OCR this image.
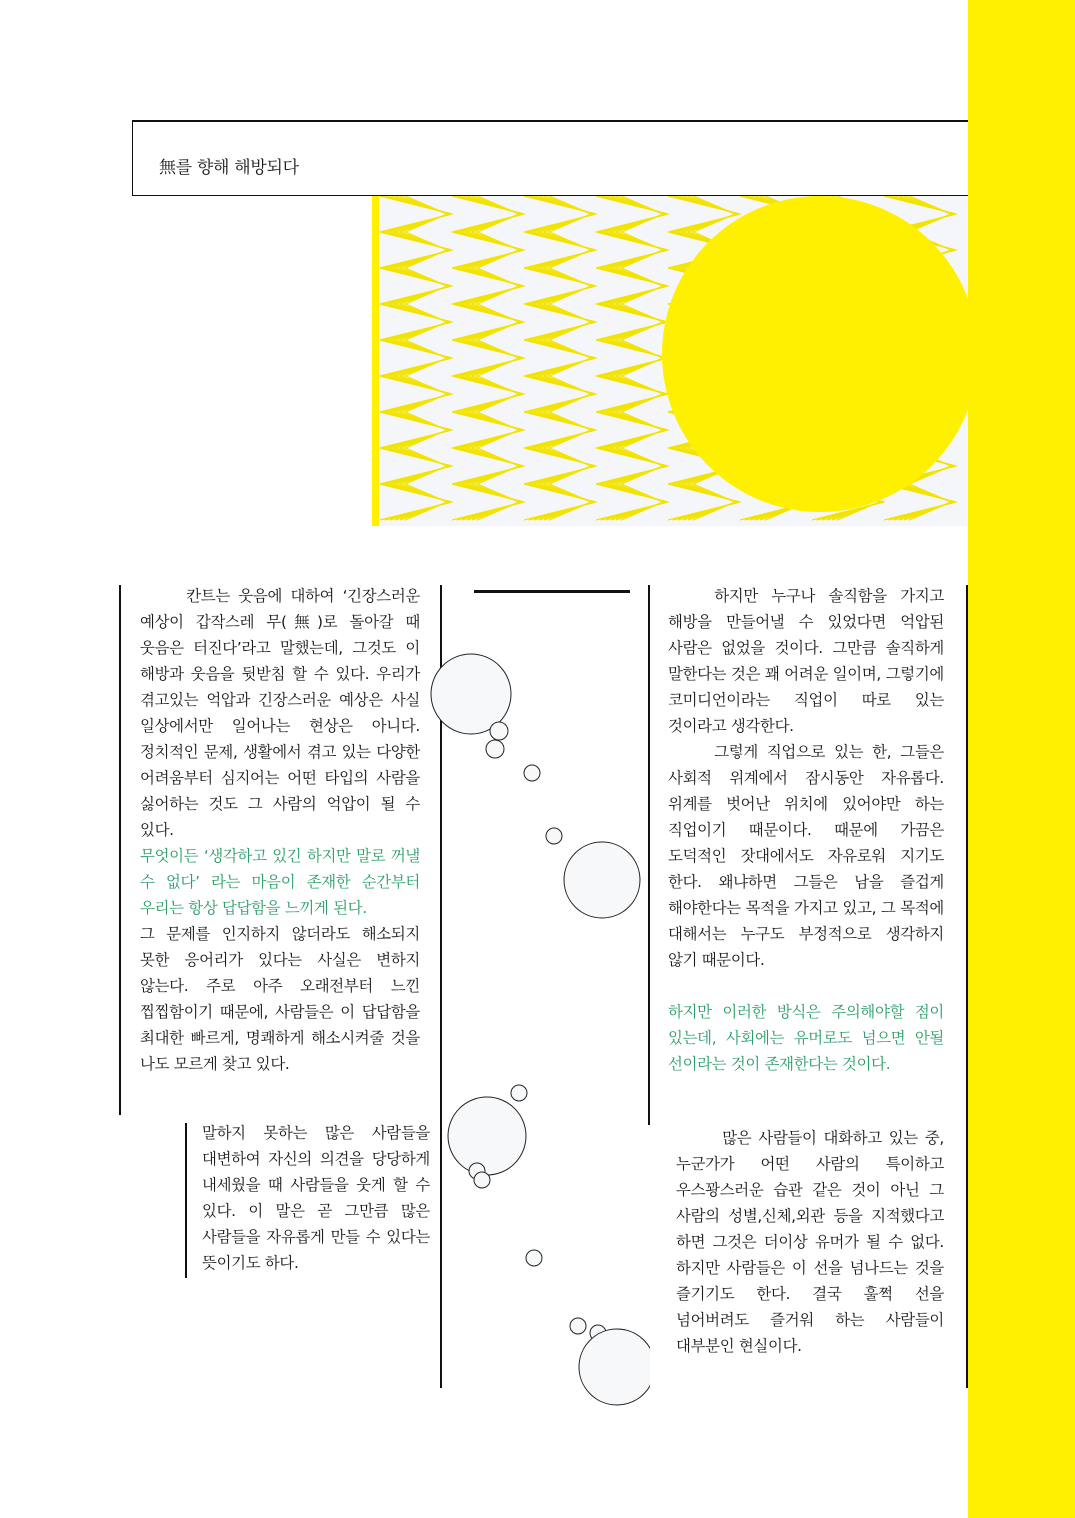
無를 향해 해방되다

칸트는 웃음에 대하여 ‘긴장스러운 예상이 갑작스레 무(無)로 돌아갈 때 웃음은 터진다’라고 말했는데, 그것도 이 해방과 웃음을 뒷받침 할 수 있다. 우리가 겪고있는 억압과 긴장스러운 예상은 사실 일상에서만 일어나는 현상은 아니다. 정치적인 문제, 생활에서 겪고 있는 다양한 어려움부터 심지어는 어떤 타입의 사람을 싫어하는 것도 그 사람의 억압이 될 수 있다.

무엇이든 ‘생각하고 있긴 하지만 말로 꺼낼 수 없다’ 라는 마음이 존재한 순간부터 우리는 항상 답답함을 느끼게 된다.

그 문제를 인지하지 않더라도 해소되지 못한 응어리가 있다는 사실은 변하지 않는다. 주로 아주 오래전부터 느낀 찝찝함이기 때문에, 사람들은 이 답답함을 최대한 빠르게, 명쾌하게 해소시켜줄 것을 나도 모르게 찾고 있다.

말하지 못하는 많은 사람들을 대변하여 자신의 의견을 당당하게 내세웠을 때 사람들을 웃게 할 수 있다. 이 말은 곧 그만큼 많은 사람들을 자유롭게 만들 수 있다는 뜻이기도 하다.

하지만 누구나 솔직함을 가지고 해방을 만들어낼 수 있었다면 억압된 사람은 없었을 것이다. 그만큼 솔직하게 말한다는 것은 꽤 어려운 일이며, 그렇기에 코미디언이라는 직업이 따로 있는 것이라고 생각한다.

그렇게 직업으로 있는 한, 그들은 사회적 위계에서 잠시동안 자유롭다. 위계를 벗어난 위치에 있어야만 하는 직업이기 때문이다. 때문에 가끔은 도덕적인 잣대에서도 자유로워 지기도 한다. 왜냐하면 그들은 남을 즐겁게 해야한다는 목적을 가지고 있고, 그 목적에 대해서는 누구도 부정적으로 생각하지 않기 때문이다.

하지만 이러한 방식은 주의해야할 점이 있는데, 사회에는 유머로도 넘으면 안될 선이라는 것이 존재한다는 것이다.

많은 사람들이 대화하고 있는 중, 누군가가 어떤 사람의 특이하고 우스꽝스러운 습관 같은 것이 아닌 그 사람의 성별,신체,외관 등을 지적했다고 하면 그것은 더이상 유머가 될 수 없다. 하지만 사람들은 이 선을 넘나드는 것을 즐기기도 한다. 결국 훌쩍 선을 넘어버려도 즐거워 하는 사람들이 대부분인 현실이다.
